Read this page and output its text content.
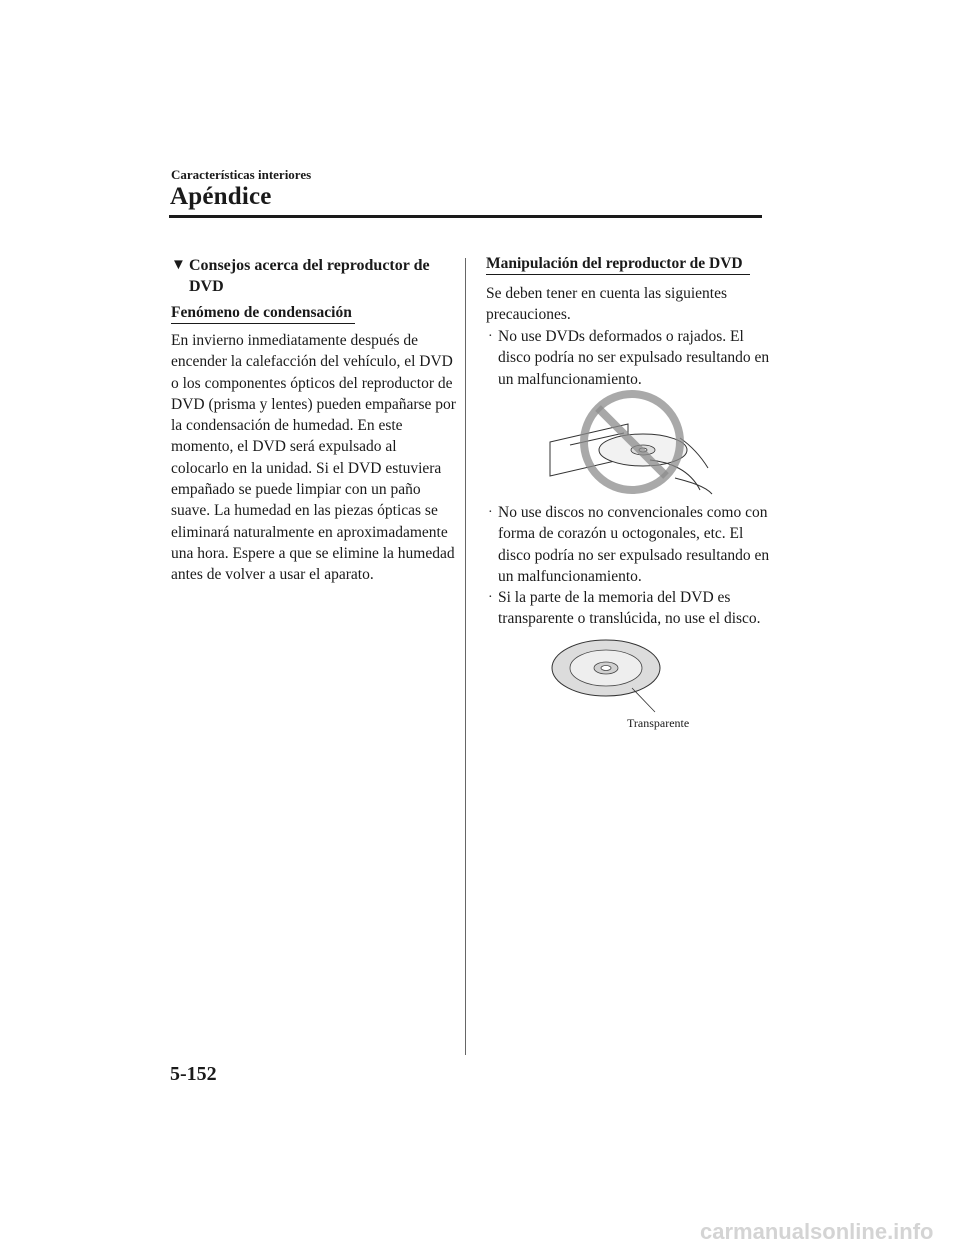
Características interiores
Apéndice
▼ Consejos acerca del reproductor de DVD
Fenómeno de condensación
En invierno inmediatamente después de encender la calefacción del vehículo, el DVD o los componentes ópticos del reproductor de DVD (prisma y lentes) pueden empañarse por la condensación de humedad. En este momento, el DVD será expulsado al colocarlo en la unidad. Si el DVD estuviera empañado se puede limpiar con un paño suave. La humedad en las piezas ópticas se eliminará naturalmente en aproximadamente una hora. Espere a que se elimine la humedad antes de volver a usar el aparato.
Manipulación del reproductor de DVD
Se deben tener en cuenta las siguientes precauciones.
· No use DVDs deformados o rajados. El disco podría no ser expulsado resultando en un malfuncionamiento.
· No use discos no convencionales como con forma de corazón u octogonales, etc. El disco podría no ser expulsado resultando en un malfuncionamiento.
· Si la parte de la memoria del DVD es transparente o translúcida, no use el disco.
Transparente
5-152
carmanualsonline.info
